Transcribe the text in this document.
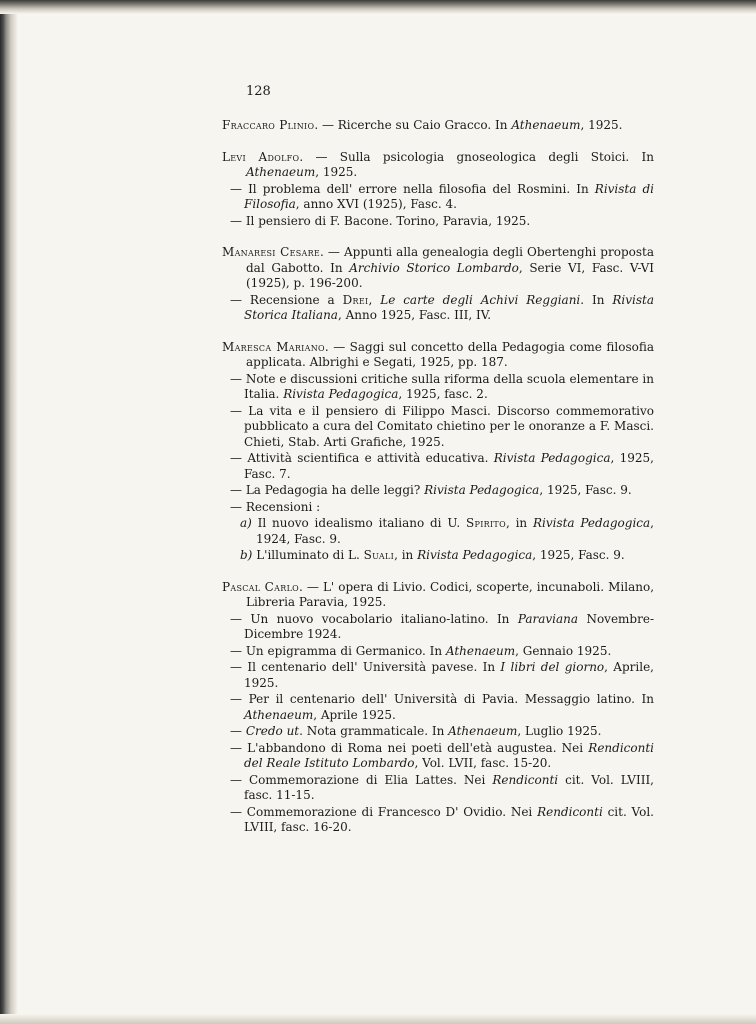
128
Fraccaro Plinio. — Ricerche su Caio Gracco. In Athenaeum, 1925.
Levi Adolfo. — Sulla psicologia gnoseologica degli Stoici. In Athenaeum, 1925.
— Il problema dell' errore nella filosofia del Rosmini. In Rivista di Filosofia, anno XVI (1925), Fasc. 4.
— Il pensiero di F. Bacone. Torino, Paravia, 1925.
Manaresi Cesare. — Appunti alla genealogia degli Obertenghi proposta dal Gabotto. In Archivio Storico Lombardo, Serie VI, Fasc. V-VI (1925), p. 196-200.
— Recensione a Drei, Le carte degli Achivi Reggiani. In Rivista Storica Italiana, Anno 1925, Fasc. III, IV.
Maresca Mariano. — Saggi sul concetto della Pedagogia come filosofia applicata. Albrighi e Segati, 1925, pp. 187.
— Note e discussioni critiche sulla riforma della scuola elementare in Italia. Rivista Pedagogica, 1925, fasc. 2.
— La vita e il pensiero di Filippo Masci. Discorso commemorativo pubblicato a cura del Comitato chietino per le onoranze a F. Masci. Chieti, Stab. Arti Grafiche, 1925.
— Attività scientifica e attività educativa. Rivista Pedagogica, 1925, Fasc. 7.
— La Pedagogia ha delle leggi? Rivista Pedagogica, 1925, Fasc. 9.
— Recensioni :
a) Il nuovo idealismo italiano di U. Spirito, in Rivista Pedagogica, 1924, Fasc. 9.
b) L'illuminato di L. Suali, in Rivista Pedagogica, 1925, Fasc. 9.
Pascal Carlo. — L' opera di Livio. Codici, scoperte, incunaboli. Milano, Libreria Paravia, 1925.
— Un nuovo vocabolario italiano-latino. In Paraviana Novembre-Dicembre 1924.
— Un epigramma di Germanico. In Athenaeum, Gennaio 1925.
— Il centenario dell' Università pavese. In I libri del giorno, Aprile, 1925.
— Per il centenario dell' Università di Pavia. Messaggio latino. In Athenaeum, Aprile 1925.
— Credo ut. Nota grammaticale. In Athenaeum, Luglio 1925.
— L'abbandono di Roma nei poeti dell'età augustea. Nei Rendiconti del Reale Istituto Lombardo, Vol. LVII, fasc. 15-20.
— Commemorazione di Elia Lattes. Nei Rendiconti cit. Vol. LVIII, fasc. 11-15.
— Commemorazione di Francesco D' Ovidio. Nei Rendiconti cit. Vol. LVIII, fasc. 16-20.
